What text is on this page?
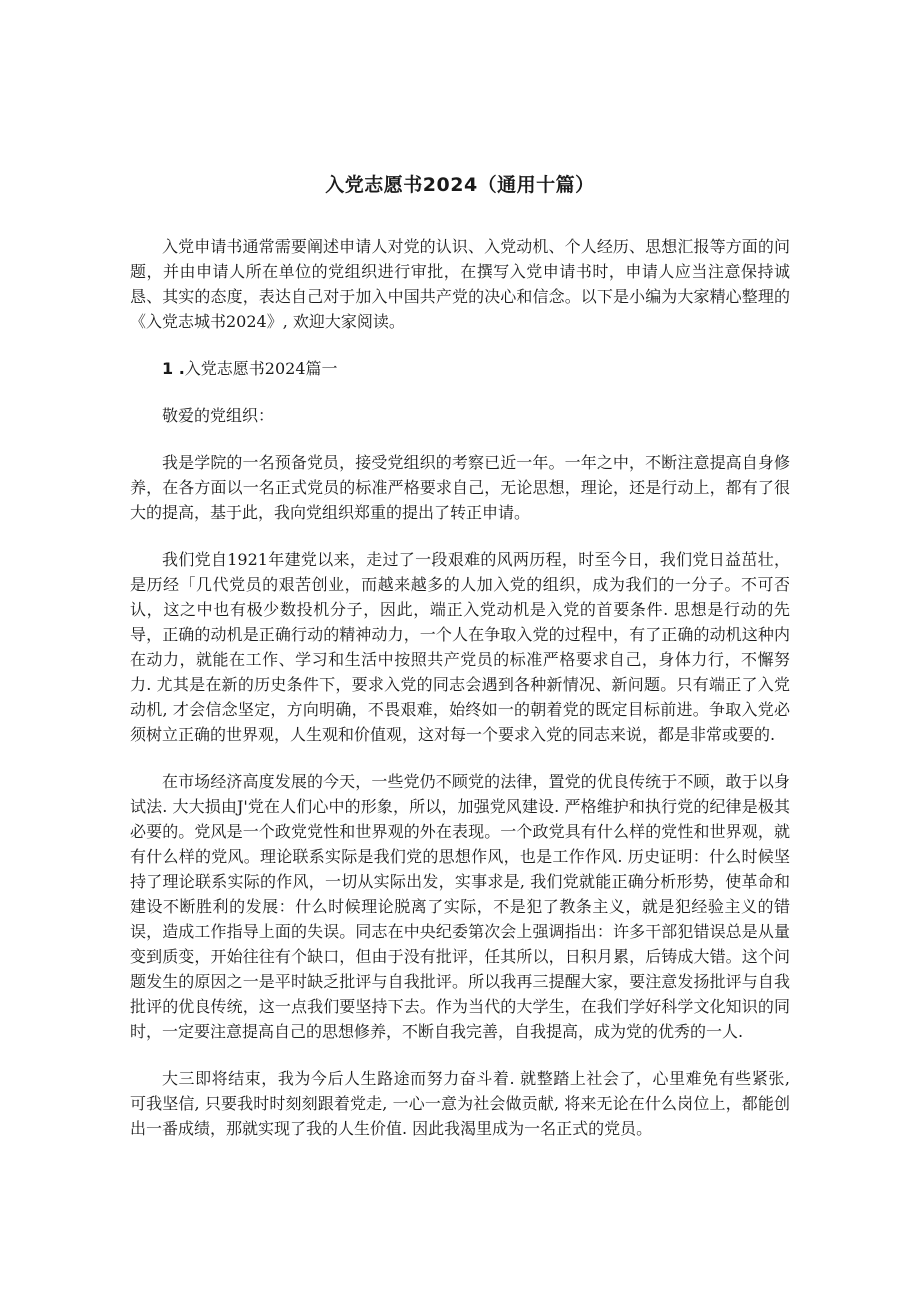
入党志愿书2024（通用十篇）

入党申请书通常需要阐述申请人对党的认识、入党动机、个人经历、思想汇报等方面的问题，并由申请人所在单位的党组织进行审批，在撰写入党申请书时，申请人应当注意保持诚恳、其实的态度，表达自己对于加入中国共产党的决心和信念。以下是小编为大家精心整理的《入党志城书2024》, 欢迎大家阅读。

1 .入党志愿书2024篇一

敬爱的党组织：

我是学院的一名预备党员，接受党组织的考察已近一年。一年之中，不断注意提高自身修养，在各方面以一名正式党员的标准严格要求自己，无论思想，理论，还是行动上，都有了很大的提高，基于此，我向党组织郑重的提出了转正申请。

我们党自1921年建党以来，走过了一段艰难的风两历程，时至今日，我们党日益茁壮，是历经「几代党员的艰苦创业，而越来越多的人加入党的组织，成为我们的一分子。不可否认，这之中也有极少数投机分子，因此，端正入党动机是入党的首要条件. 思想是行动的先导，正确的动机是正确行动的精神动力，一个人在争取入党的过程中，有了正确的动机这种内在动力，就能在工作、学习和生活中按照共产党员的标准严格要求自己，身体力行，不懈努力. 尤其是在新的历史条件下，要求入党的同志会遇到各种新情况、新问题。只有端正了入党动机, 才会信念坚定，方向明确，不畏艰难，始终如一的朝着党的既定目标前进。争取入党必须树立正确的世界观，人生观和价值观，这对每一个要求入党的同志来说，都是非常或要的.

在市场经济高度发展的今天，一些党仍不顾党的法律，置党的优良传统于不顾，敢于以身试法. 大大损由J'党在人们心中的形象，所以，加强党风建设. 严格维护和执行党的纪律是极其必要的。党风是一个政党党性和世界观的外在表现。一个政党具有什么样的党性和世界观，就有什么样的党风。理论联系实际是我们党的思想作风，也是工作作风. 历史证明：什么时候坚持了理论联系实际的作风，一切从实际出发，实事求是, 我们党就能正确分析形势，使革命和建设不断胜利的发展：什么时候理论脱离了实际，不是犯了教条主义，就是犯经验主义的错误，造成工作指导上面的失误。同志在中央纪委第次会上强调指出：许多干部犯错误总是从量变到质变，开始往往有个缺口，但由于没有批评，任其所以，日积月累，后铸成大错。这个问题发生的原因之一是平时缺乏批评与自我批评。所以我再三提醒大家，要注意发扬批评与自我批评的优良传统，这一点我们要坚持下去。作为当代的大学生，在我们学好科学文化知识的同时，一定要注意提高自己的思想修养，不断自我完善，自我提高，成为党的优秀的一人.

大三即将结束，我为今后人生路途而努力奋斗着. 就整踏上社会了，心里难免有些紧张, 可我坚信, 只要我时时刻刻跟着党走, 一心一意为社会做贡献, 将来无论在什么岗位上，都能创出一番成绩，那就实现了我的人生价值. 因此我渴里成为一名正式的党员。
